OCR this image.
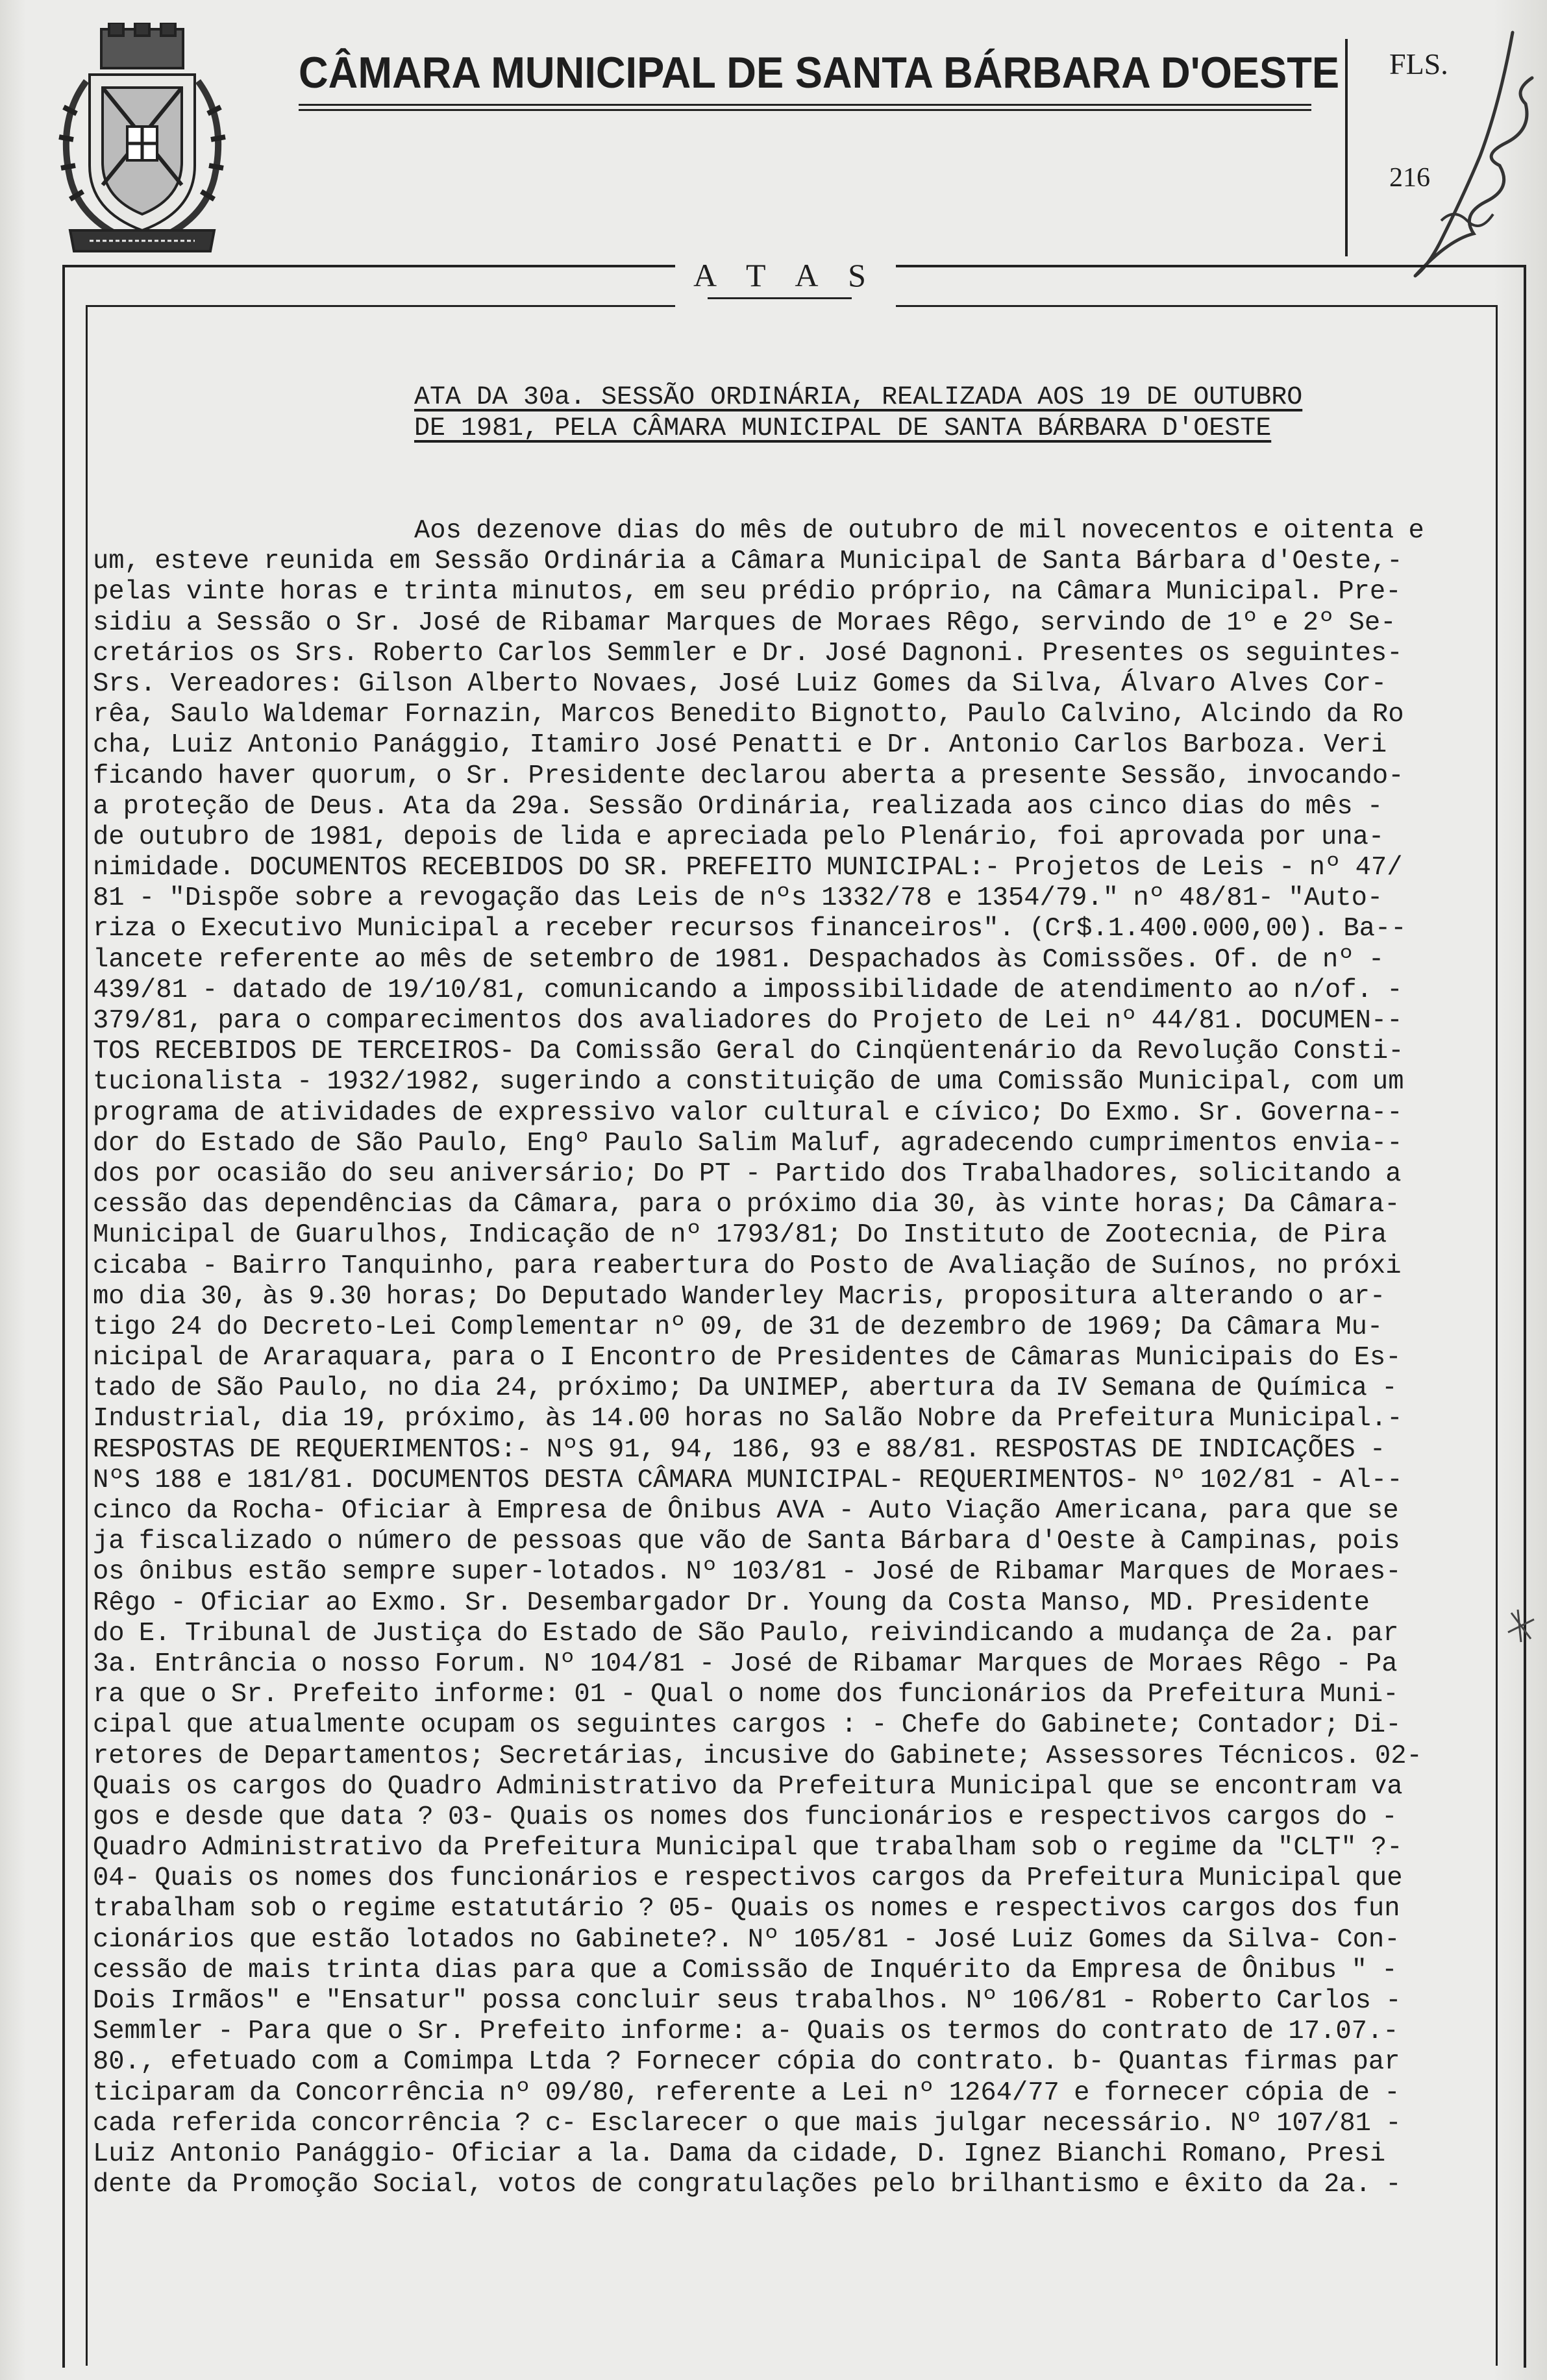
CÂMARA MUNICIPAL DE SANTA BÁRBARA D'OESTE FLS.
216
A T A S
ATA DA 30a. SESSÃO ORDINÁRIA, REALIZADA AOS 19 DE OUTUBRO
DE 1981, PELA CÂMARA MUNICIPAL DE SANTA BÁRBARA D'OESTE
Aos dezenove dias do mês de outubro de mil novecentos e oitenta e
um, esteve reunida em Sessão Ordinária a Câmara Municipal de Santa Bárbara d'Oeste,-
pelas vinte horas e trinta minutos, em seu prédio próprio, na Câmara Municipal. Pre-
sidiu a Sessão o Sr. José de Ribamar Marques de Moraes Rêgo, servindo de 1º e 2º Se-
cretários os Srs. Roberto Carlos Semmler e Dr. José Dagnoni. Presentes os seguintes-
Srs. Vereadores: Gilson Alberto Novaes, José Luiz Gomes da Silva, Álvaro Alves Cor-
rêa, Saulo Waldemar Fornazin, Marcos Benedito Bignotto, Paulo Calvino, Alcindo da Ro
cha, Luiz Antonio Panággio, Itamiro José Penatti e Dr. Antonio Carlos Barboza. Veri
ficando haver quorum, o Sr. Presidente declarou aberta a presente Sessão, invocando-
a proteção de Deus. Ata da 29a. Sessão Ordinária, realizada aos cinco dias do mês -
de outubro de 1981, depois de lida e apreciada pelo Plenário, foi aprovada por una-
nimidade. DOCUMENTOS RECEBIDOS DO SR. PREFEITO MUNICIPAL:- Projetos de Leis - nº 47/
81 - "Dispõe sobre a revogação das Leis de nºs 1332/78 e 1354/79." nº 48/81- "Auto-
riza o Executivo Municipal a receber recursos financeiros". (Cr$.1.400.000,00). Ba--
lancete referente ao mês de setembro de 1981. Despachados às Comissões. Of. de nº -
439/81 - datado de 19/10/81, comunicando a impossibilidade de atendimento ao n/of. -
379/81, para o comparecimentos dos avaliadores do Projeto de Lei nº 44/81. DOCUMEN--
TOS RECEBIDOS DE TERCEIROS- Da Comissão Geral do Cinqüentenário da Revolução Consti-
tucionalista - 1932/1982, sugerindo a constituição de uma Comissão Municipal, com um
programa de atividades de expressivo valor cultural e cívico; Do Exmo. Sr. Governa--
dor do Estado de São Paulo, Engº Paulo Salim Maluf, agradecendo cumprimentos envia--
dos por ocasião do seu aniversário; Do PT - Partido dos Trabalhadores, solicitando a
cessão das dependências da Câmara, para o próximo dia 30, às vinte horas; Da Câmara-
Municipal de Guarulhos, Indicação de nº 1793/81; Do Instituto de Zootecnia, de Pira
cicaba - Bairro Tanquinho, para reabertura do Posto de Avaliação de Suínos, no próxi
mo dia 30, às 9.30 horas; Do Deputado Wanderley Macris, propositura alterando o ar-
tigo 24 do Decreto-Lei Complementar nº 09, de 31 de dezembro de 1969; Da Câmara Mu-
nicipal de Araraquara, para o I Encontro de Presidentes de Câmaras Municipais do Es-
tado de São Paulo, no dia 24, próximo; Da UNIMEP, abertura da IV Semana de Química -
Industrial, dia 19, próximo, às 14.00 horas no Salão Nobre da Prefeitura Municipal.-
RESPOSTAS DE REQUERIMENTOS:- NºS 91, 94, 186, 93 e 88/81. RESPOSTAS DE INDICAÇÕES -
NºS 188 e 181/81. DOCUMENTOS DESTA CÂMARA MUNICIPAL- REQUERIMENTOS- Nº 102/81 - Al--
cinco da Rocha- Oficiar à Empresa de Ônibus AVA - Auto Viação Americana, para que se
ja fiscalizado o número de pessoas que vão de Santa Bárbara d'Oeste à Campinas, pois
os ônibus estão sempre super-lotados. Nº 103/81 - José de Ribamar Marques de Moraes-
Rêgo - Oficiar ao Exmo. Sr. Desembargador Dr. Young da Costa Manso, MD. Presidente
do E. Tribunal de Justiça do Estado de São Paulo, reivindicando a mudança de 2a. par
3a. Entrância o nosso Forum. Nº 104/81 - José de Ribamar Marques de Moraes Rêgo - Pa
ra que o Sr. Prefeito informe: 01 - Qual o nome dos funcionários da Prefeitura Muni-
cipal que atualmente ocupam os seguintes cargos : - Chefe do Gabinete; Contador; Di-
retores de Departamentos; Secretárias, incusive do Gabinete; Assessores Técnicos. 02-
Quais os cargos do Quadro Administrativo da Prefeitura Municipal que se encontram va
gos e desde que data ? 03- Quais os nomes dos funcionários e respectivos cargos do -
Quadro Administrativo da Prefeitura Municipal que trabalham sob o regime da "CLT" ?-
04- Quais os nomes dos funcionários e respectivos cargos da Prefeitura Municipal que
trabalham sob o regime estatutário ? 05- Quais os nomes e respectivos cargos dos fun
cionários que estão lotados no Gabinete?. Nº 105/81 - José Luiz Gomes da Silva- Con-
cessão de mais trinta dias para que a Comissão de Inquérito da Empresa de Ônibus " -
Dois Irmãos" e "Ensatur" possa concluir seus trabalhos. Nº 106/81 - Roberto Carlos -
Semmler - Para que o Sr. Prefeito informe: a- Quais os termos do contrato de 17.07.-
80., efetuado com a Comimpa Ltda ? Fornecer cópia do contrato. b- Quantas firmas par
ticiparam da Concorrência nº 09/80, referente a Lei nº 1264/77 e fornecer cópia de -
cada referida concorrência ? c- Esclarecer o que mais julgar necessário. Nº 107/81 -
Luiz Antonio Panággio- Oficiar a la. Dama da cidade, D. Ignez Bianchi Romano, Presi
dente da Promoção Social, votos de congratulações pelo brilhantismo e êxito da 2a. -
